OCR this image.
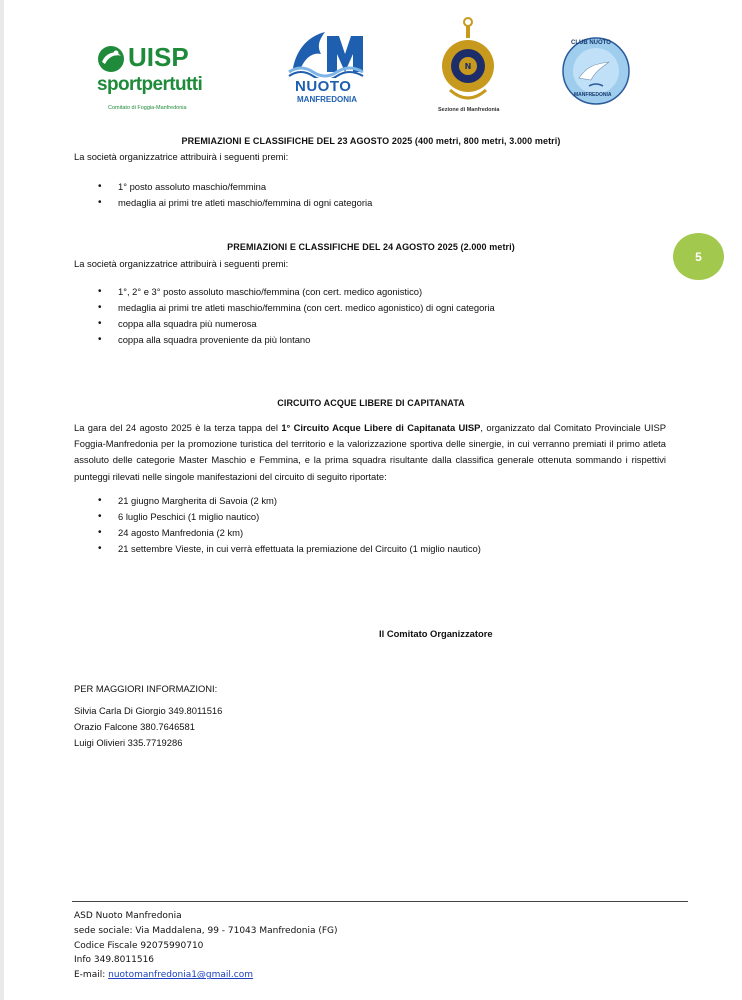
UISP
sportpertutti
Comitato di Foggia-Manfredonia
NUOTO
MANFREDONIA
N
Sezione di Manfredonia
CLUB NUOTO
MANFREDONIA
PREMIAZIONI E CLASSIFICHE DEL 23 AGOSTO 2025 (400 metri, 800 metri, 3.000 metri)
La società organizzatrice attribuirà i seguenti premi:
• 1° posto assoluto maschio/femmina
• medaglia ai primi tre atleti maschio/femmina di ogni categoria
PREMIAZIONI E CLASSIFICHE DEL 24 AGOSTO 2025 (2.000 metri)
La società organizzatrice attribuirà i seguenti premi:
• 1°, 2° e 3° posto assoluto maschio/femmina (con cert. medico agonistico)
• medaglia ai primi tre atleti maschio/femmina (con cert. medico agonistico) di ogni categoria
• coppa alla squadra più numerosa
• coppa alla squadra proveniente da più lontano
5
CIRCUITO ACQUE LIBERE DI CAPITANATA
La gara del 24 agosto 2025 è la terza tappa del 1° Circuito Acque Libere di Capitanata UISP, organizzato dal Comitato Provinciale UISP Foggia-Manfredonia per la promozione turistica del territorio e la valorizzazione sportiva delle sinergie, in cui verranno premiati il primo atleta assoluto delle categorie Master Maschio e Femmina, e la prima squadra risultante dalla classifica generale ottenuta sommando i rispettivi punteggi rilevati nelle singole manifestazioni del circuito di seguito riportate:
• 21 giugno Margherita di Savoia (2 km)
• 6 luglio Peschici (1 miglio nautico)
• 24 agosto Manfredonia (2 km)
• 21 settembre Vieste, in cui verrà effettuata la premiazione del Circuito (1 miglio nautico)
Il Comitato Organizzatore
PER MAGGIORI INFORMAZIONI:
Silvia Carla Di Giorgio 349.8011516
Orazio Falcone 380.7646581
Luigi Olivieri 335.7719286
ASD Nuoto Manfredonia
sede sociale: Via Maddalena, 99 - 71043 Manfredonia (FG)
Codice Fiscale 92075990710
Info 349.8011516
E-mail: nuotomanfredonia1@gmail.com
